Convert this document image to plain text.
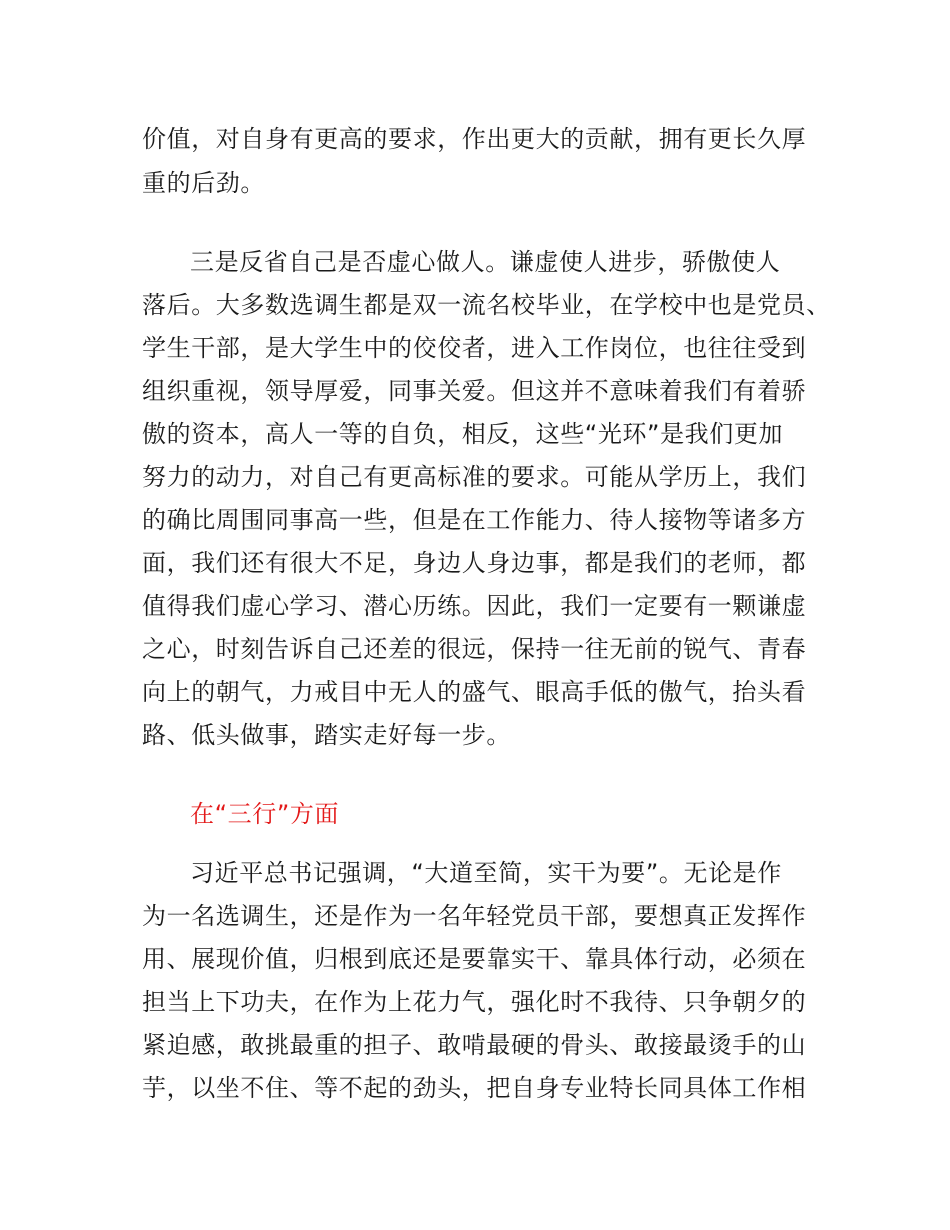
价值，对自身有更高的要求，作出更大的贡献，拥有更长久厚

重的后劲。

三是反省自己是否虚心做人。谦虚使人进步，骄傲使人

落后。大多数选调生都是双一流名校毕业，在学校中也是党员、

学生干部，是大学生中的佼佼者，进入工作岗位，也往往受到

组织重视，领导厚爱，同事关爱。但这并不意味着我们有着骄

傲的资本，高人一等的自负，相反，这些“光环”是我们更加

努力的动力，对自己有更高标准的要求。可能从学历上，我们

的确比周围同事高一些，但是在工作能力、待人接物等诸多方

面，我们还有很大不足，身边人身边事，都是我们的老师，都

值得我们虚心学习、潜心历练。因此，我们一定要有一颗谦虚

之心，时刻告诉自己还差的很远，保持一往无前的锐气、青春

向上的朝气，力戒目中无人的盛气、眼高手低的傲气，抬头看

路、低头做事，踏实走好每一步。

在“三行”方面

习近平总书记强调，“大道至简，实干为要”。无论是作

为一名选调生，还是作为一名年轻党员干部，要想真正发挥作

用、展现价值，归根到底还是要靠实干、靠具体行动，必须在

担当上下功夫，在作为上花力气，强化时不我待、只争朝夕的

紧迫感，敢挑最重的担子、敢啃最硬的骨头、敢接最烫手的山

芋，以坐不住、等不起的劲头，把自身专业特长同具体工作相
